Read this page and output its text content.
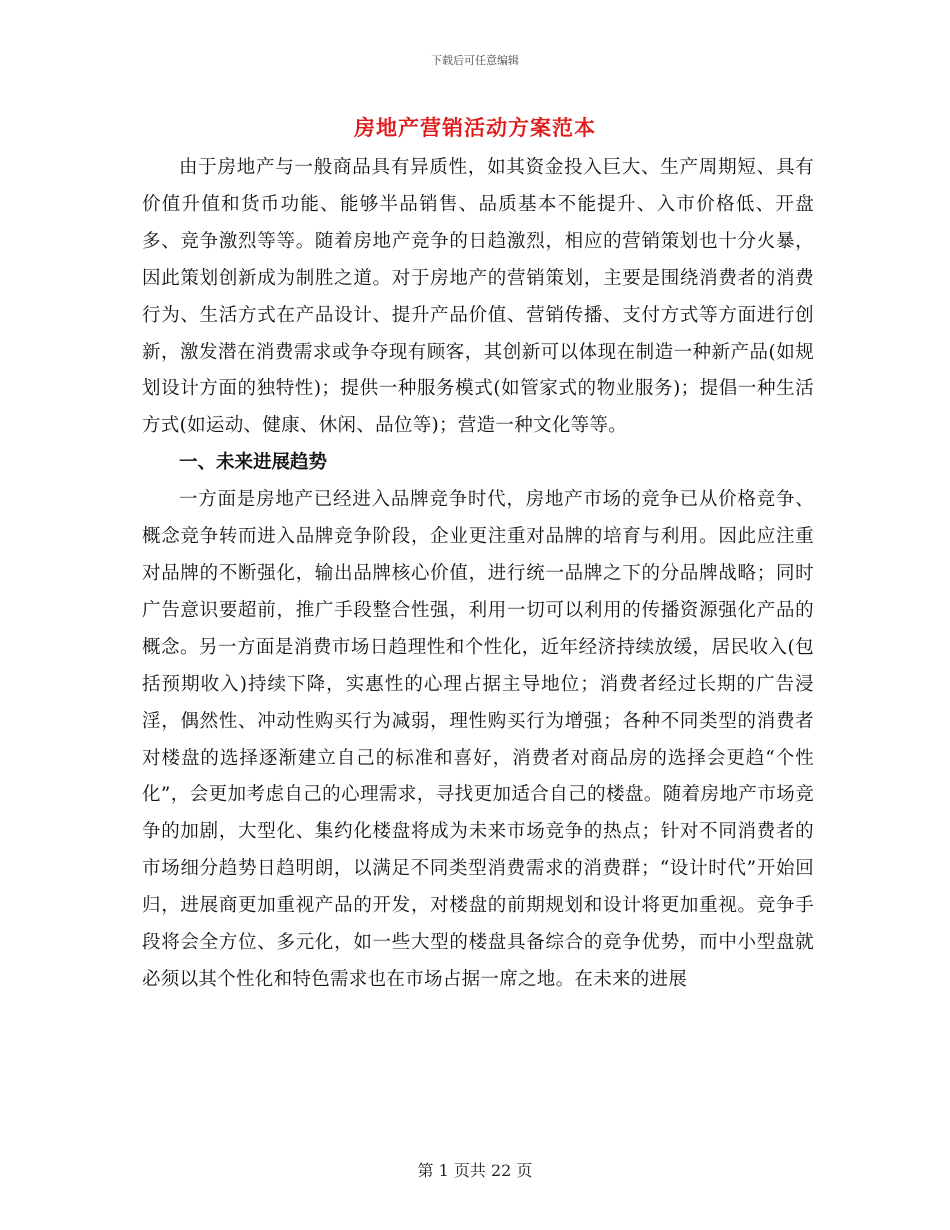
下载后可任意编辑
房地产营销活动方案范本

由于房地产与一般商品具有异质性，如其资金投入巨大、生产周期短、具有价值升值和货币功能、能够半品销售、品质基本不能提升、入市价格低、开盘多、竞争激烈等等。随着房地产竞争的日趋激烈，相应的营销策划也十分火暴，因此策划创新成为制胜之道。对于房地产的营销策划，主要是围绕消费者的消费行为、生活方式在产品设计、提升产品价值、营销传播、支付方式等方面进行创新，激发潜在消费需求或争夺现有顾客，其创新可以体现在制造一种新产品(如规划设计方面的独特性)；提供一种服务模式(如管家式的物业服务)；提倡一种生活方式(如运动、健康、休闲、品位等)；营造一种文化等等。

一、未来进展趋势

一方面是房地产已经进入品牌竞争时代，房地产市场的竞争已从价格竞争、概念竞争转而进入品牌竞争阶段，企业更注重对品牌的培育与利用。因此应注重对品牌的不断强化，输出品牌核心价值，进行统一品牌之下的分品牌战略；同时广告意识要超前，推广手段整合性强，利用一切可以利用的传播资源强化产品的概念。另一方面是消费市场日趋理性和个性化，近年经济持续放缓，居民收入(包括预期收入)持续下降，实惠性的心理占据主导地位；消费者经过长期的广告浸淫，偶然性、冲动性购买行为减弱，理性购买行为增强；各种不同类型的消费者对楼盘的选择逐渐建立自己的标准和喜好，消费者对商品房的选择会更趋“个性化”，会更加考虑自己的心理需求，寻找更加适合自己的楼盘。随着房地产市场竞争的加剧，大型化、集约化楼盘将成为未来市场竞争的热点；针对不同消费者的市场细分趋势日趋明朗，以满足不同类型消费需求的消费群；“设计时代”开始回归，进展商更加重视产品的开发，对楼盘的前期规划和设计将更加重视。竞争手段将会全方位、多元化，如一些大型的楼盘具备综合的竞争优势，而中小型盘就必须以其个性化和特色需求也在市场占据一席之地。在未来的进展

第 1 页共 22 页
